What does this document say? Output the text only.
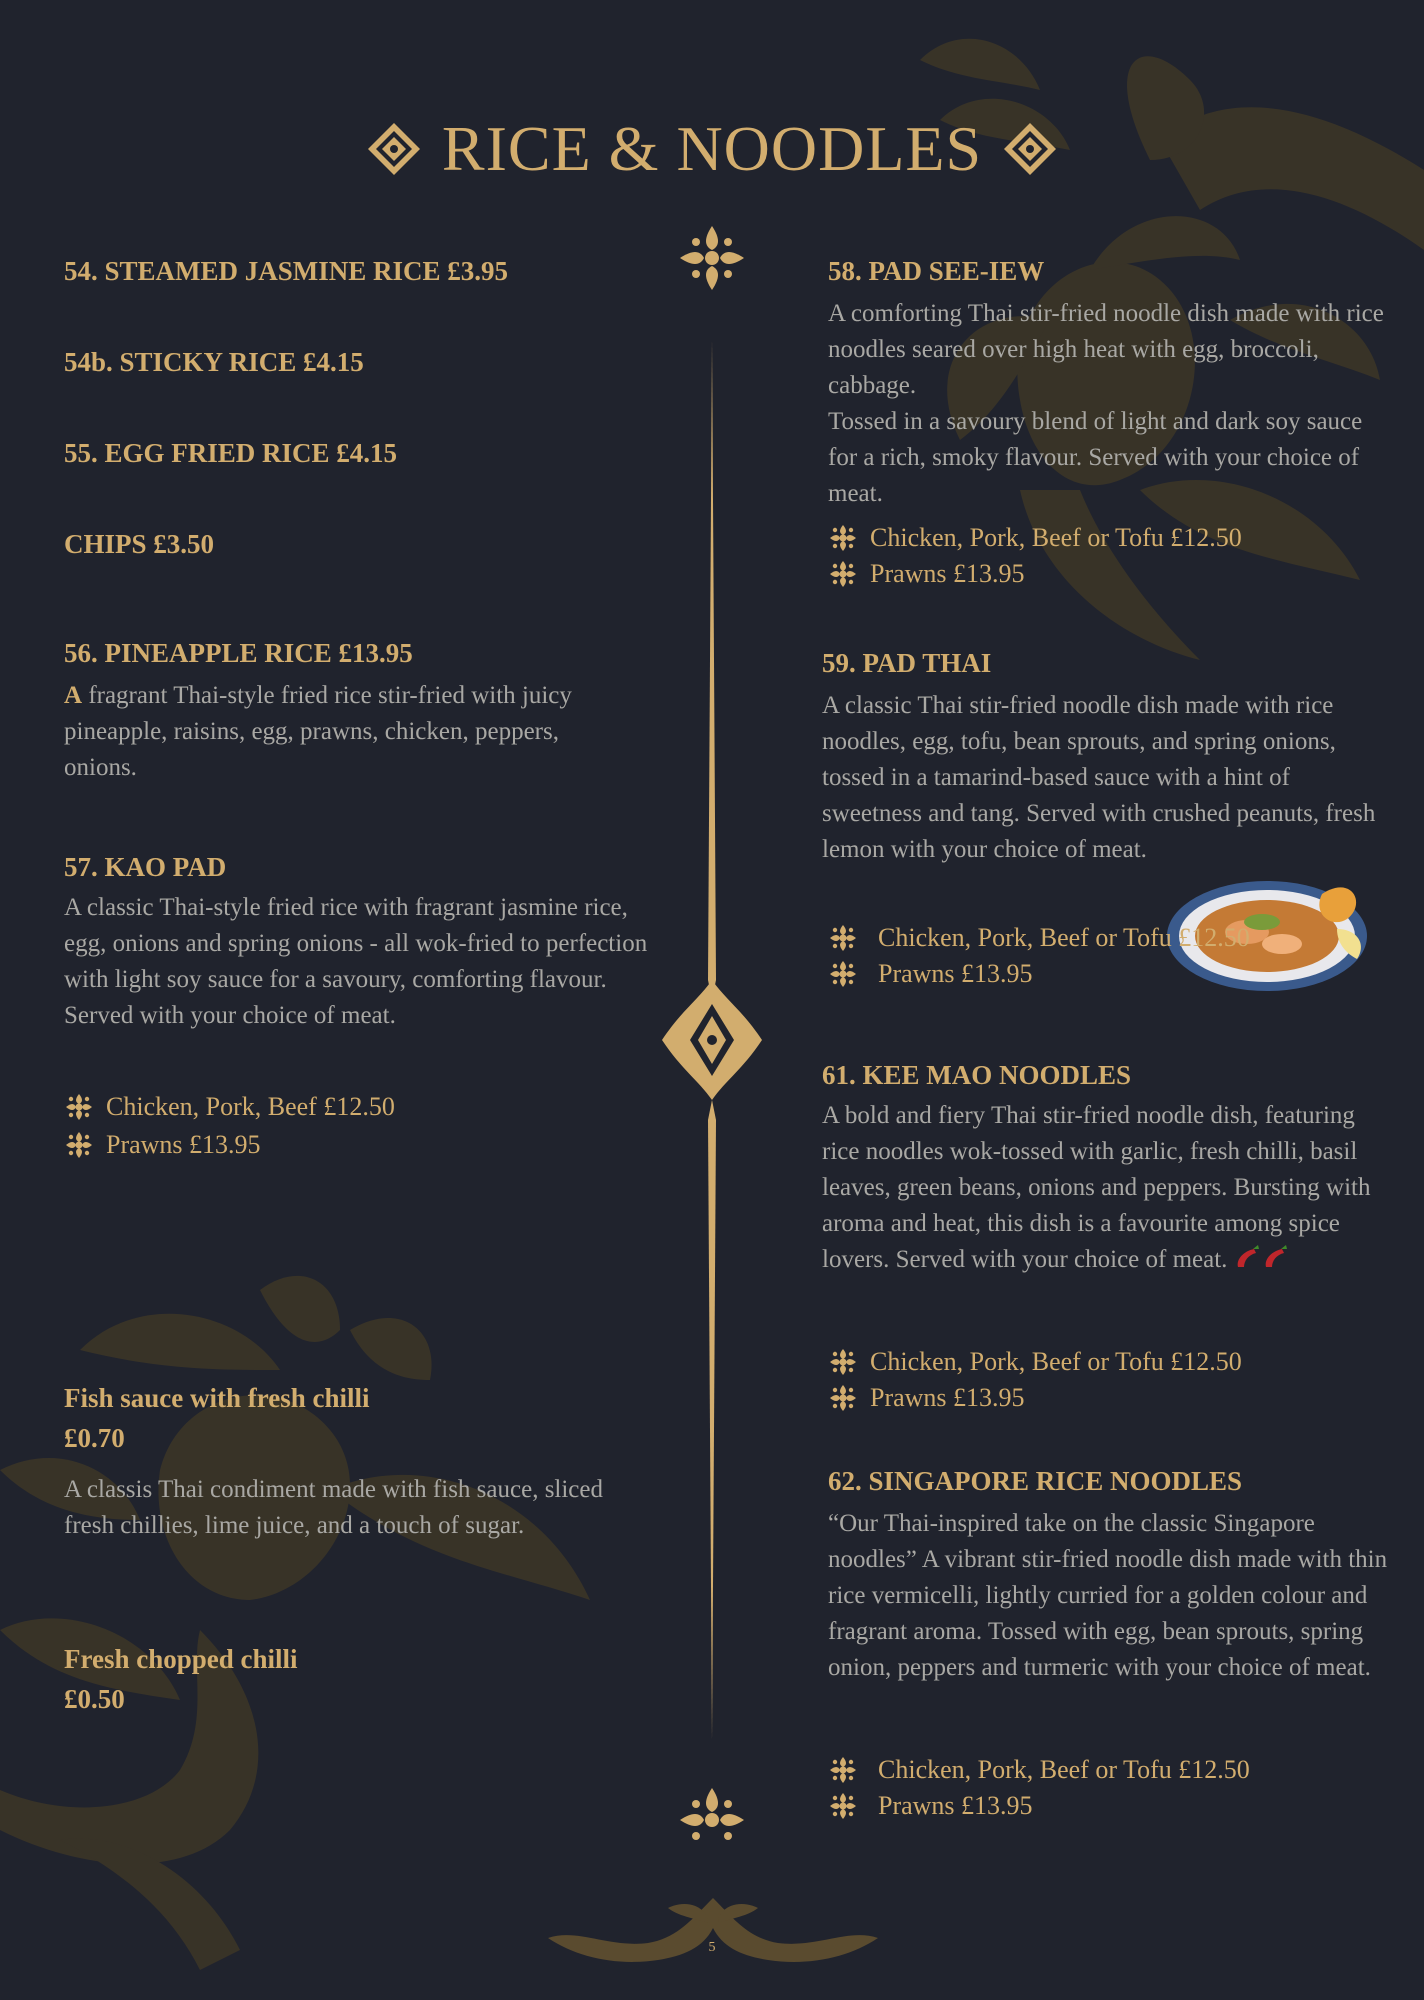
RICE & NOODLES
54. STEAMED JASMINE RICE £3.95
54b. STICKY RICE £4.15
55. EGG FRIED RICE £4.15
CHIPS £3.50
56. PINEAPPLE RICE £13.95
A fragrant Thai-style fried rice stir-fried with juicy pineapple, raisins, egg, prawns, chicken, peppers, onions.
57. KAO PAD
A classic Thai-style fried rice with fragrant jasmine rice, egg, onions and spring onions - all wok-fried to perfection with light soy sauce for a savoury, comforting flavour. Served with your choice of meat.
Chicken, Pork, Beef £12.50
Prawns £13.95
Fish sauce with fresh chilli £0.70
A classis Thai condiment made with fish sauce, sliced fresh chillies, lime juice, and a touch of sugar.
Fresh chopped chilli £0.50
58. PAD SEE-IEW
A comforting Thai stir-fried noodle dish made with rice noodles seared over high heat with egg, broccoli, cabbage.
Tossed in a savoury blend of light and dark soy sauce for a rich, smoky flavour. Served with your choice of meat.
Chicken, Pork, Beef or Tofu £12.50
Prawns £13.95
59. PAD THAI
A classic Thai stir-fried noodle dish made with rice noodles, egg, tofu, bean sprouts, and spring onions, tossed in a tamarind-based sauce with a hint of sweetness and tang. Served with crushed peanuts, fresh lemon with your choice of meat.
Chicken, Pork, Beef or Tofu £12.50
Prawns £13.95
61. KEE MAO NOODLES
A bold and fiery Thai stir-fried noodle dish, featuring rice noodles wok-tossed with garlic, fresh chilli, basil leaves, green beans, onions and peppers. Bursting with aroma and heat, this dish is a favourite among spice lovers. Served with your choice of meat.
Chicken, Pork, Beef or Tofu £12.50
Prawns £13.95
62. SINGAPORE RICE NOODLES
“Our Thai-inspired take on the classic Singapore noodles” A vibrant stir-fried noodle dish made with thin rice vermicelli, lightly curried for a golden colour and fragrant aroma. Tossed with egg, bean sprouts, spring onion, peppers and turmeric with your choice of meat.
Chicken, Pork, Beef or Tofu £12.50
Prawns £13.95
5
